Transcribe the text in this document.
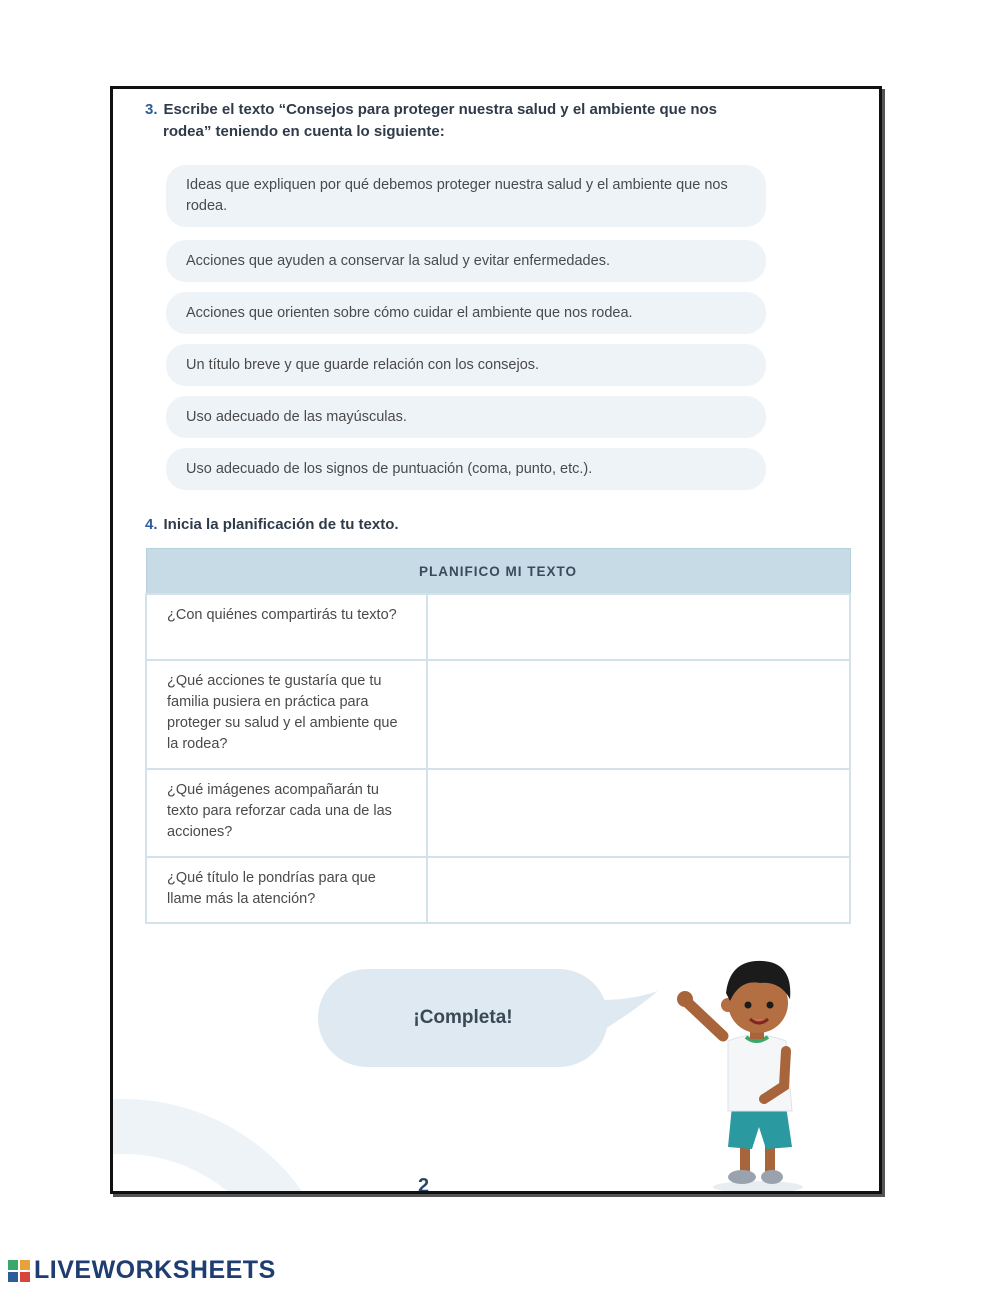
3. Escribe el texto “Consejos para proteger nuestra salud y el ambiente que nos
rodea” teniendo en cuenta lo siguiente:
Ideas que expliquen por qué debemos proteger nuestra salud y el ambiente que nos rodea.
Acciones que ayuden a conservar la salud y evitar enfermedades.
Acciones que orienten sobre cómo cuidar el ambiente que nos rodea.
Un título breve y que guarde relación con los consejos.
Uso adecuado de las mayúsculas.
Uso adecuado de los signos de puntuación (coma, punto, etc.).
4. Inicia la planificación de tu texto.
PLANIFICO MI TEXTO	
¿Con quiénes compartirás tu texto?	
¿Qué acciones te gustaría que tu familia pusiera en práctica para proteger su salud y el ambiente que la rodea?	
¿Qué imágenes acompañarán tu texto para reforzar cada una de las acciones?	
¿Qué título le pondrías para que llame más la atención?	
¡Completa!
2
LIVEWORKSHEETS
